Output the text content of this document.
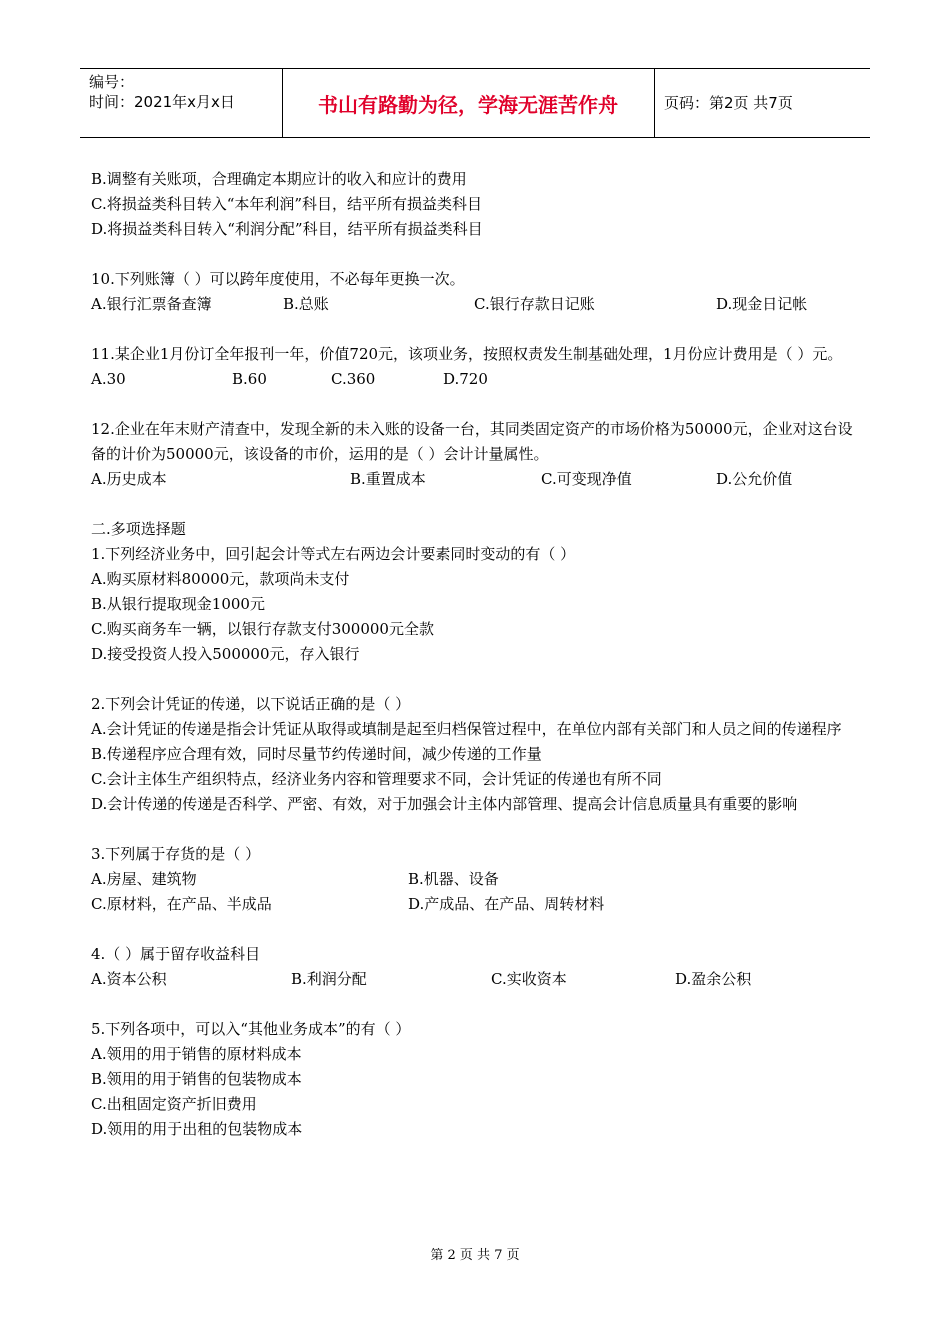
编号：
时间：2021年x月x日	书山有路勤为径，学海无涯苦作舟	页码：第2页 共7页
B.调整有关账项，合理确定本期应计的收入和应计的费用
C.将损益类科目转入“本年利润”科目，结平所有损益类科目
D.将损益类科目转入“利润分配”科目，结平所有损益类科目
10.下列账簿（ ）可以跨年度使用，不必每年更换一次。
A.银行汇票备查簿	B.总账	C.银行存款日记账	D.现金日记帐
11.某企业1月份订全年报刊一年，价值720元，该项业务，按照权责发生制基础处理，1月份应计费用是（ ）元。
A.30	B.60	C.360	D.720
12.企业在年末财产清查中，发现全新的未入账的设备一台，其同类固定资产的市场价格为50000元，企业对这台设备的计价为50000元，该设备的市价，运用的是（ ）会计计量属性。
A.历史成本	B.重置成本	C.可变现净值	D.公允价值
二.多项选择题
1.下列经济业务中，回引起会计等式左右两边会计要素同时变动的有（ ）
A.购买原材料80000元，款项尚未支付
B.从银行提取现金1000元
C.购买商务车一辆，以银行存款支付300000元全款
D.接受投资人投入500000元，存入银行
2.下列会计凭证的传递，以下说话正确的是（ ）
A.会计凭证的传递是指会计凭证从取得或填制是起至归档保管过程中，在单位内部有关部门和人员之间的传递程序
B.传递程序应合理有效，同时尽量节约传递时间，减少传递的工作量
C.会计主体生产组织特点，经济业务内容和管理要求不同，会计凭证的传递也有所不同
D.会计传递的传递是否科学、严密、有效，对于加强会计主体内部管理、提高会计信息质量具有重要的影响
3.下列属于存货的是（ ）
A.房屋、建筑物	B.机器、设备
C.原材料，在产品、半成品	D.产成品、在产品、周转材料
4.（ ）属于留存收益科目
A.资本公积	B.利润分配	C.实收资本	D.盈余公积
5.下列各项中，可以入“其他业务成本”的有（ ）
A.领用的用于销售的原材料成本
B.领用的用于销售的包装物成本
C.出租固定资产折旧费用
D.领用的用于出租的包装物成本
第 2 页 共 7 页
